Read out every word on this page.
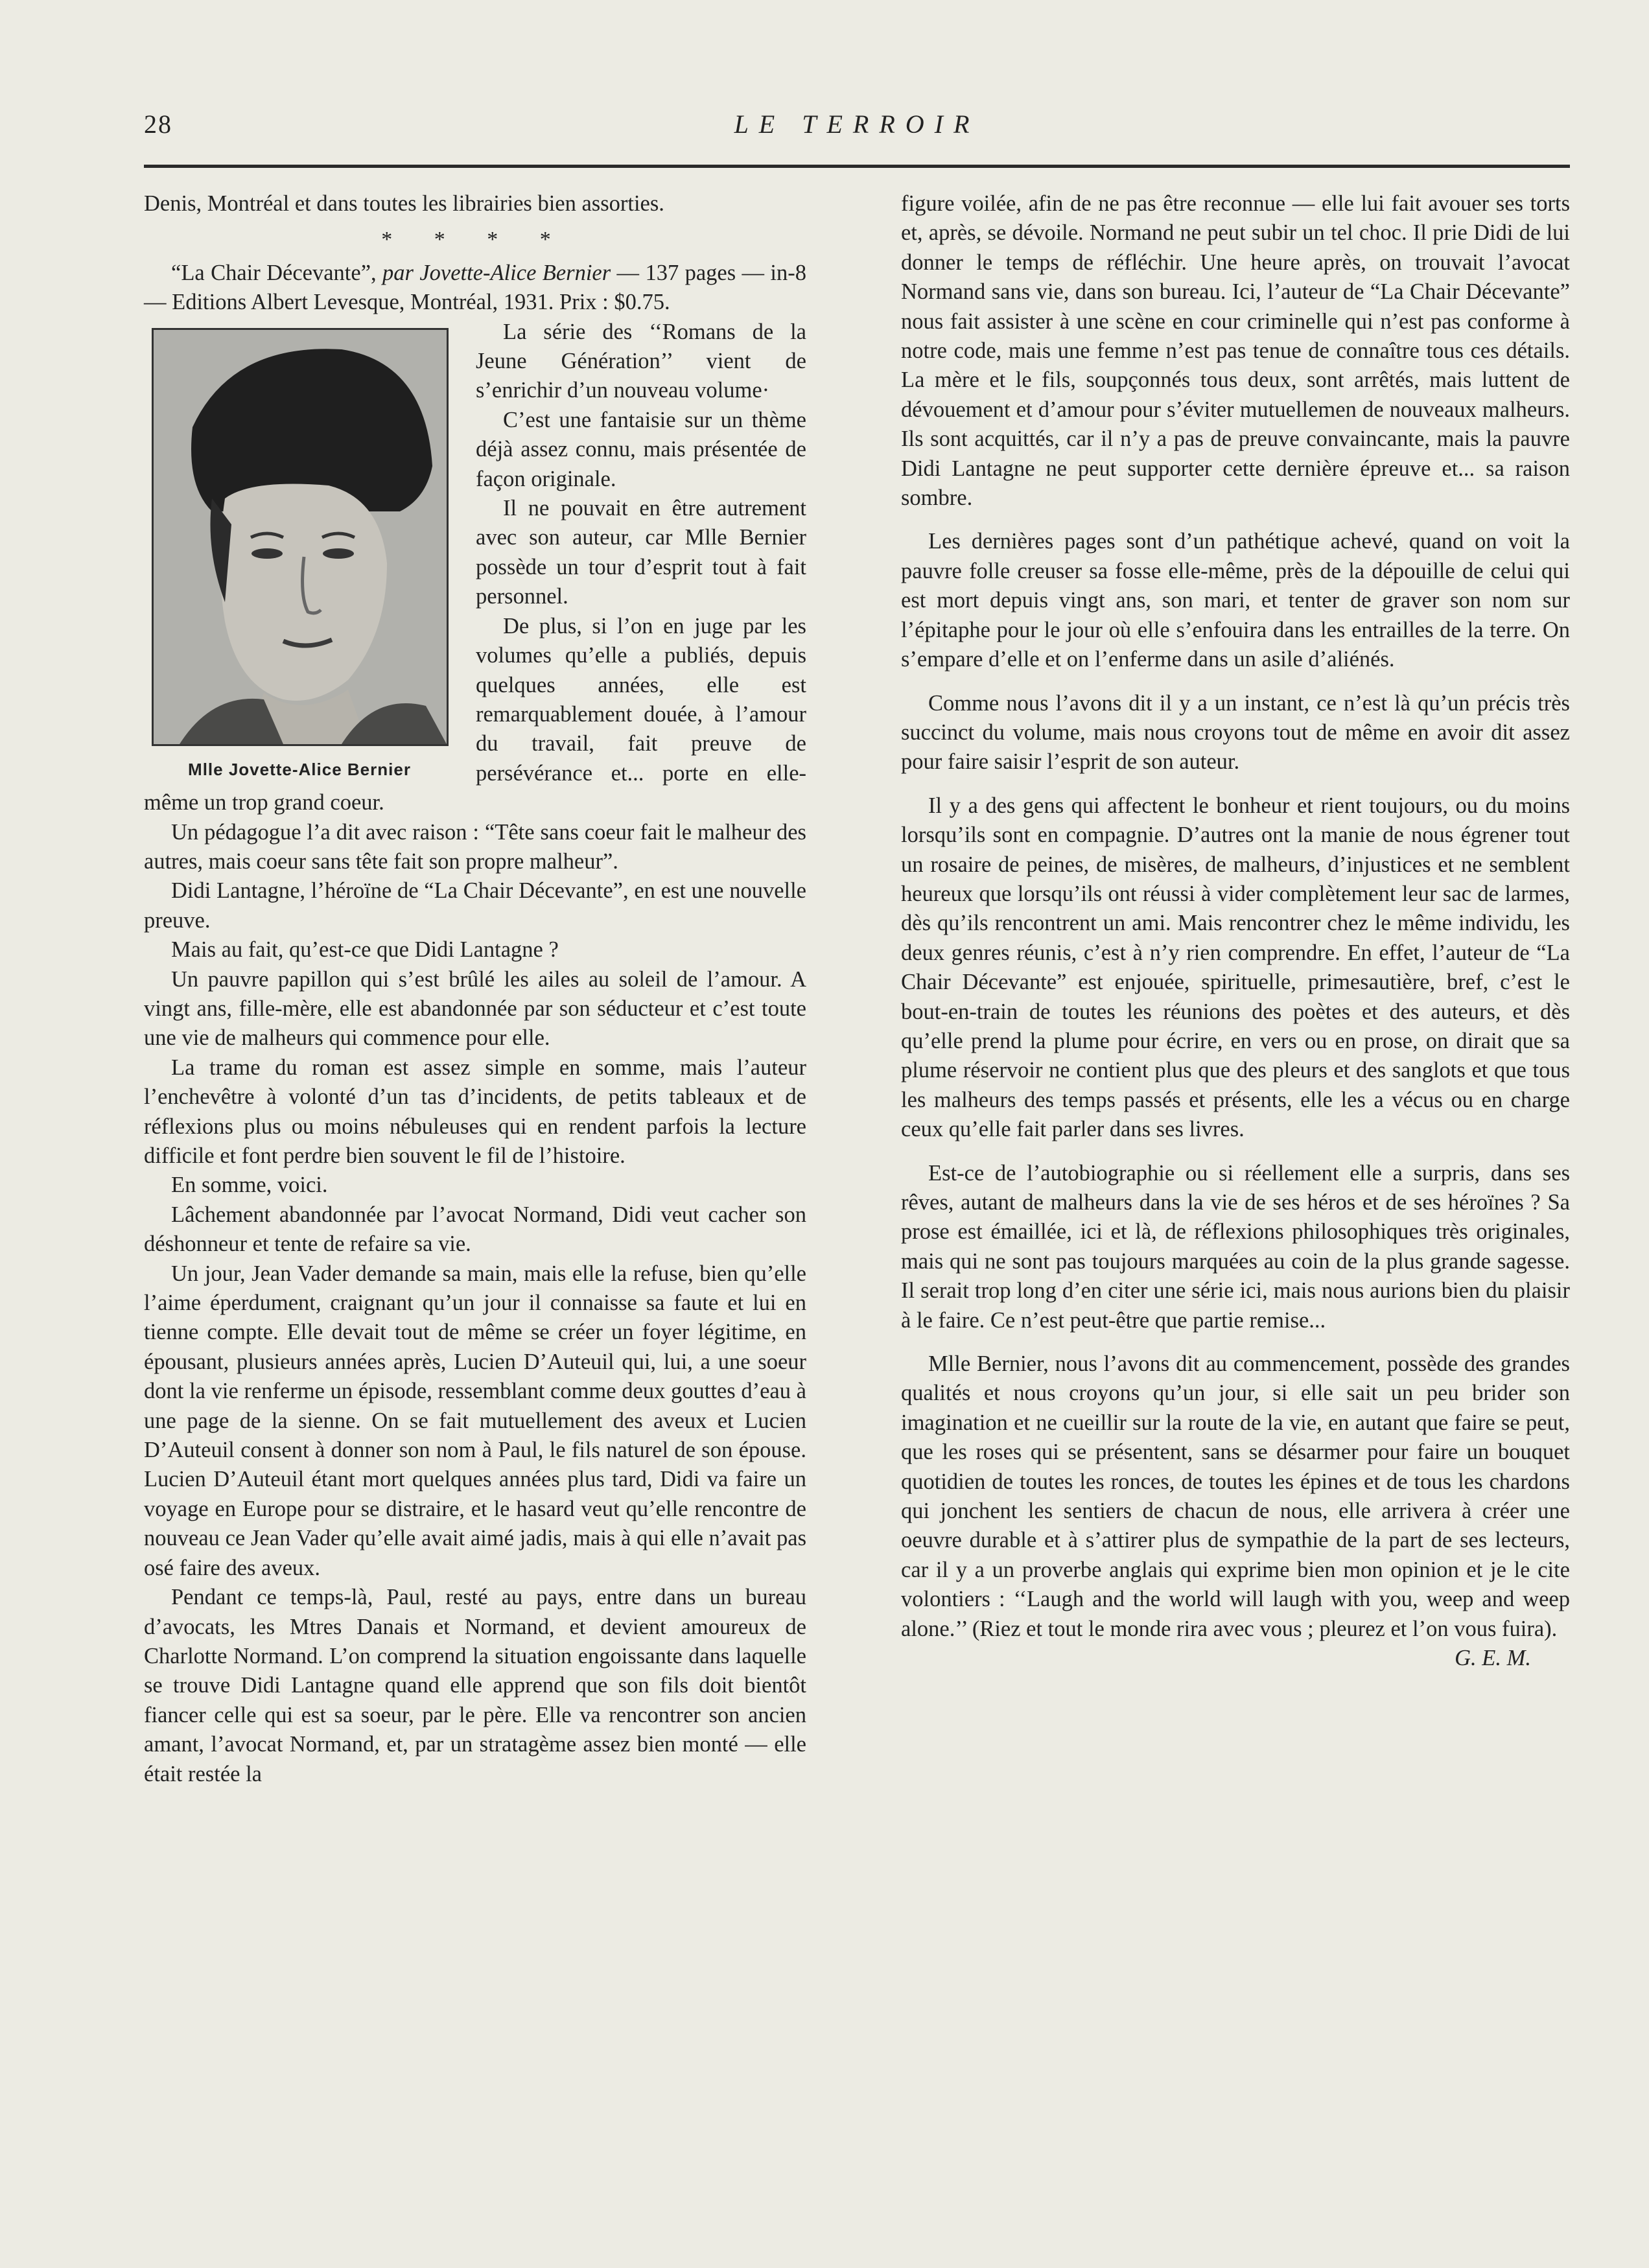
28	LE TERROIR

Denis, Montréal et dans toutes les librairies bien assorties.

* * * *

“La Chair Décevante”, par Jovette-Alice Bernier — 137 pages — in-8 — Editions Albert Levesque, Montréal, 1931. Prix : $0.75.

Mlle Jovette-Alice Bernier

La série des ‘‘Romans de la Jeune Génération’’ vient de s’enrichir d’un nouveau volume·

C’est une fantaisie sur un thème déjà assez connu, mais présentée de façon originale.

Il ne pouvait en être autrement avec son auteur, car Mlle Bernier possède un tour d’esprit tout à fait personnel.

De plus, si l’on en juge par les volumes qu’elle a publiés, depuis quelques années, elle est remarquablement douée, à l’amour du travail, fait preuve de persévérance et... porte en elle-même un trop grand coeur.

Un pédagogue l’a dit avec raison : “Tête sans coeur fait le malheur des autres, mais coeur sans tête fait son propre malheur”.

Didi Lantagne, l’héroïne de “La Chair Décevante”, en est une nouvelle preuve.

Mais au fait, qu’est-ce que Didi Lantagne ?

Un pauvre papillon qui s’est brûlé les ailes au soleil de l’amour. A vingt ans, fille-mère, elle est abandonnée par son séducteur et c’est toute une vie de malheurs qui commence pour elle.

La trame du roman est assez simple en somme, mais l’auteur l’enchevêtre à volonté d’un tas d’incidents, de petits tableaux et de réflexions plus ou moins nébuleuses qui en rendent parfois la lecture difficile et font perdre bien souvent le fil de l’histoire.

En somme, voici.

Lâchement abandonnée par l’avocat Normand, Didi veut cacher son déshonneur et tente de refaire sa vie.

Un jour, Jean Vader demande sa main, mais elle la refuse, bien qu’elle l’aime éperdument, craignant qu’un jour il connaisse sa faute et lui en tienne compte. Elle devait tout de même se créer un foyer légitime, en épousant, plusieurs années après, Lucien D’Auteuil qui, lui, a une soeur dont la vie renferme un épisode, ressemblant comme deux gouttes d’eau à une page de la sienne. On se fait mutuellement des aveux et Lucien D’Auteuil consent à donner son nom à Paul, le fils naturel de son épouse. Lucien D’Auteuil étant mort quelques années plus tard, Didi va faire un voyage en Europe pour se distraire, et le hasard veut qu’elle rencontre de nouveau ce Jean Vader qu’elle avait aimé jadis, mais à qui elle n’avait pas osé faire des aveux.

Pendant ce temps-là, Paul, resté au pays, entre dans un bureau d’avocats, les Mtres Danais et Normand, et devient amoureux de Charlotte Normand. L’on comprend la situation engoissante dans laquelle se trouve Didi Lantagne quand elle apprend que son fils doit bientôt fiancer celle qui est sa soeur, par le père. Elle va rencontrer son ancien amant, l’avocat Normand, et, par un stratagème assez bien monté — elle était restée la

figure voilée, afin de ne pas être reconnue — elle lui fait avouer ses torts et, après, se dévoile. Normand ne peut subir un tel choc. Il prie Didi de lui donner le temps de réfléchir. Une heure après, on trouvait l’avocat Normand sans vie, dans son bureau. Ici, l’auteur de “La Chair Décevante” nous fait assister à une scène en cour criminelle qui n’est pas conforme à notre code, mais une femme n’est pas tenue de connaître tous ces détails. La mère et le fils, soupçonnés tous deux, sont arrêtés, mais luttent de dévouement et d’amour pour s’éviter mutuellemen de nouveaux malheurs. Ils sont acquittés, car il n’y a pas de preuve convaincante, mais la pauvre Didi Lantagne ne peut supporter cette dernière épreuve et... sa raison sombre.

Les dernières pages sont d’un pathétique achevé, quand on voit la pauvre folle creuser sa fosse elle-même, près de la dépouille de celui qui est mort depuis vingt ans, son mari, et tenter de graver son nom sur l’épitaphe pour le jour où elle s’enfouira dans les entrailles de la terre. On s’empare d’elle et on l’enferme dans un asile d’aliénés.

Comme nous l’avons dit il y a un instant, ce n’est là qu’un précis très succinct du volume, mais nous croyons tout de même en avoir dit assez pour faire saisir l’esprit de son auteur.

Il y a des gens qui affectent le bonheur et rient toujours, ou du moins lorsqu’ils sont en compagnie. D’autres ont la manie de nous égrener tout un rosaire de peines, de misères, de malheurs, d’injustices et ne semblent heureux que lorsqu’ils ont réussi à vider complètement leur sac de larmes, dès qu’ils rencontrent un ami. Mais rencontrer chez le même individu, les deux genres réunis, c’est à n’y rien comprendre. En effet, l’auteur de “La Chair Décevante” est enjouée, spirituelle, primesautière, bref, c’est le bout-en-train de toutes les réunions des poètes et des auteurs, et dès qu’elle prend la plume pour écrire, en vers ou en prose, on dirait que sa plume réservoir ne contient plus que des pleurs et des sanglots et que tous les malheurs des temps passés et présents, elle les a vécus ou en charge ceux qu’elle fait parler dans ses livres.

Est-ce de l’autobiographie ou si réellement elle a surpris, dans ses rêves, autant de malheurs dans la vie de ses héros et de ses héroïnes ? Sa prose est émaillée, ici et là, de réflexions philosophiques très originales, mais qui ne sont pas toujours marquées au coin de la plus grande sagesse. Il serait trop long d’en citer une série ici, mais nous aurions bien du plaisir à le faire. Ce n’est peut-être que partie remise...

Mlle Bernier, nous l’avons dit au commencement, possède des grandes qualités et nous croyons qu’un jour, si elle sait un peu brider son imagination et ne cueillir sur la route de la vie, en autant que faire se peut, que les roses qui se présentent, sans se désarmer pour faire un bouquet quotidien de toutes les ronces, de toutes les épines et de tous les chardons qui jonchent les sentiers de chacun de nous, elle arrivera à créer une oeuvre durable et à s’attirer plus de sympathie de la part de ses lecteurs, car il y a un proverbe anglais qui exprime bien mon opinion et je le cite volontiers : ‘‘Laugh and the world will laugh with you, weep and weep alone.’’ (Riez et tout le monde rira avec vous ; pleurez et l’on vous fuira).

G. E. M.
